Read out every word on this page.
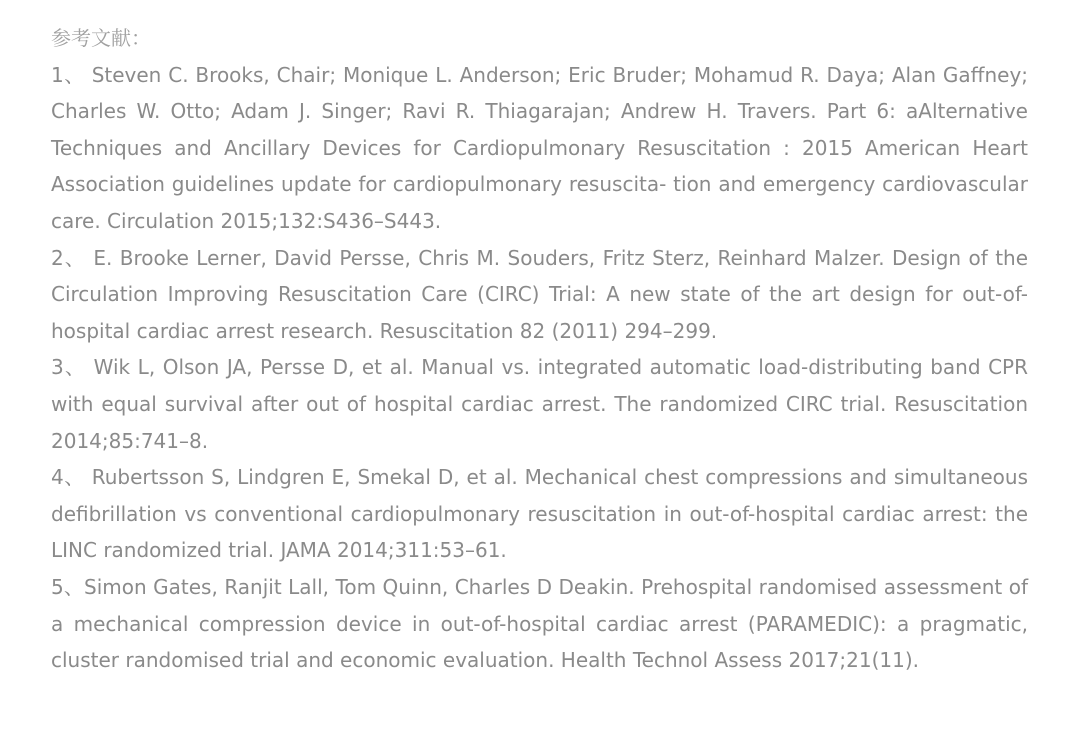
参考文献：

1、 Steven C. Brooks, Chair; Monique L. Anderson; Eric Bruder; Mohamud R. Daya; Alan Gaffney; Charles W. Otto; Adam J. Singer; Ravi R. Thiagarajan; Andrew H. Travers. Part 6: aAlternative Techniques and Ancillary Devices for Cardiopulmonary Resuscitation : 2015 American Heart Association guidelines update for cardiopulmonary resuscita- tion and emergency cardiovascular care. Circulation 2015;132:S436–S443.
2、 E. Brooke Lerner, David Persse, Chris M. Souders, Fritz Sterz, Reinhard Malzer. Design of the Circulation Improving Resuscitation Care (CIRC) Trial: A new state of the art design for out-of-hospital cardiac arrest research. Resuscitation 82 (2011) 294–299.
3、 Wik L, Olson JA, Persse D, et al. Manual vs. integrated automatic load-distributing band CPR with equal survival after out of hospital cardiac arrest. The randomized CIRC trial. Resuscitation 2014;85:741–8.
4、 Rubertsson S, Lindgren E, Smekal D, et al. Mechanical chest compressions and simultaneous defibrillation vs conventional cardiopulmonary resuscitation in out-of-hospital cardiac arrest: the LINC randomized trial. JAMA 2014;311:53–61.
5、Simon Gates, Ranjit Lall, Tom Quinn, Charles D Deakin. Prehospital randomised assessment of a mechanical compression device in out-of-hospital cardiac arrest (PARAMEDIC): a pragmatic, cluster randomised trial and economic evaluation. Health Technol Assess 2017;21(11).
